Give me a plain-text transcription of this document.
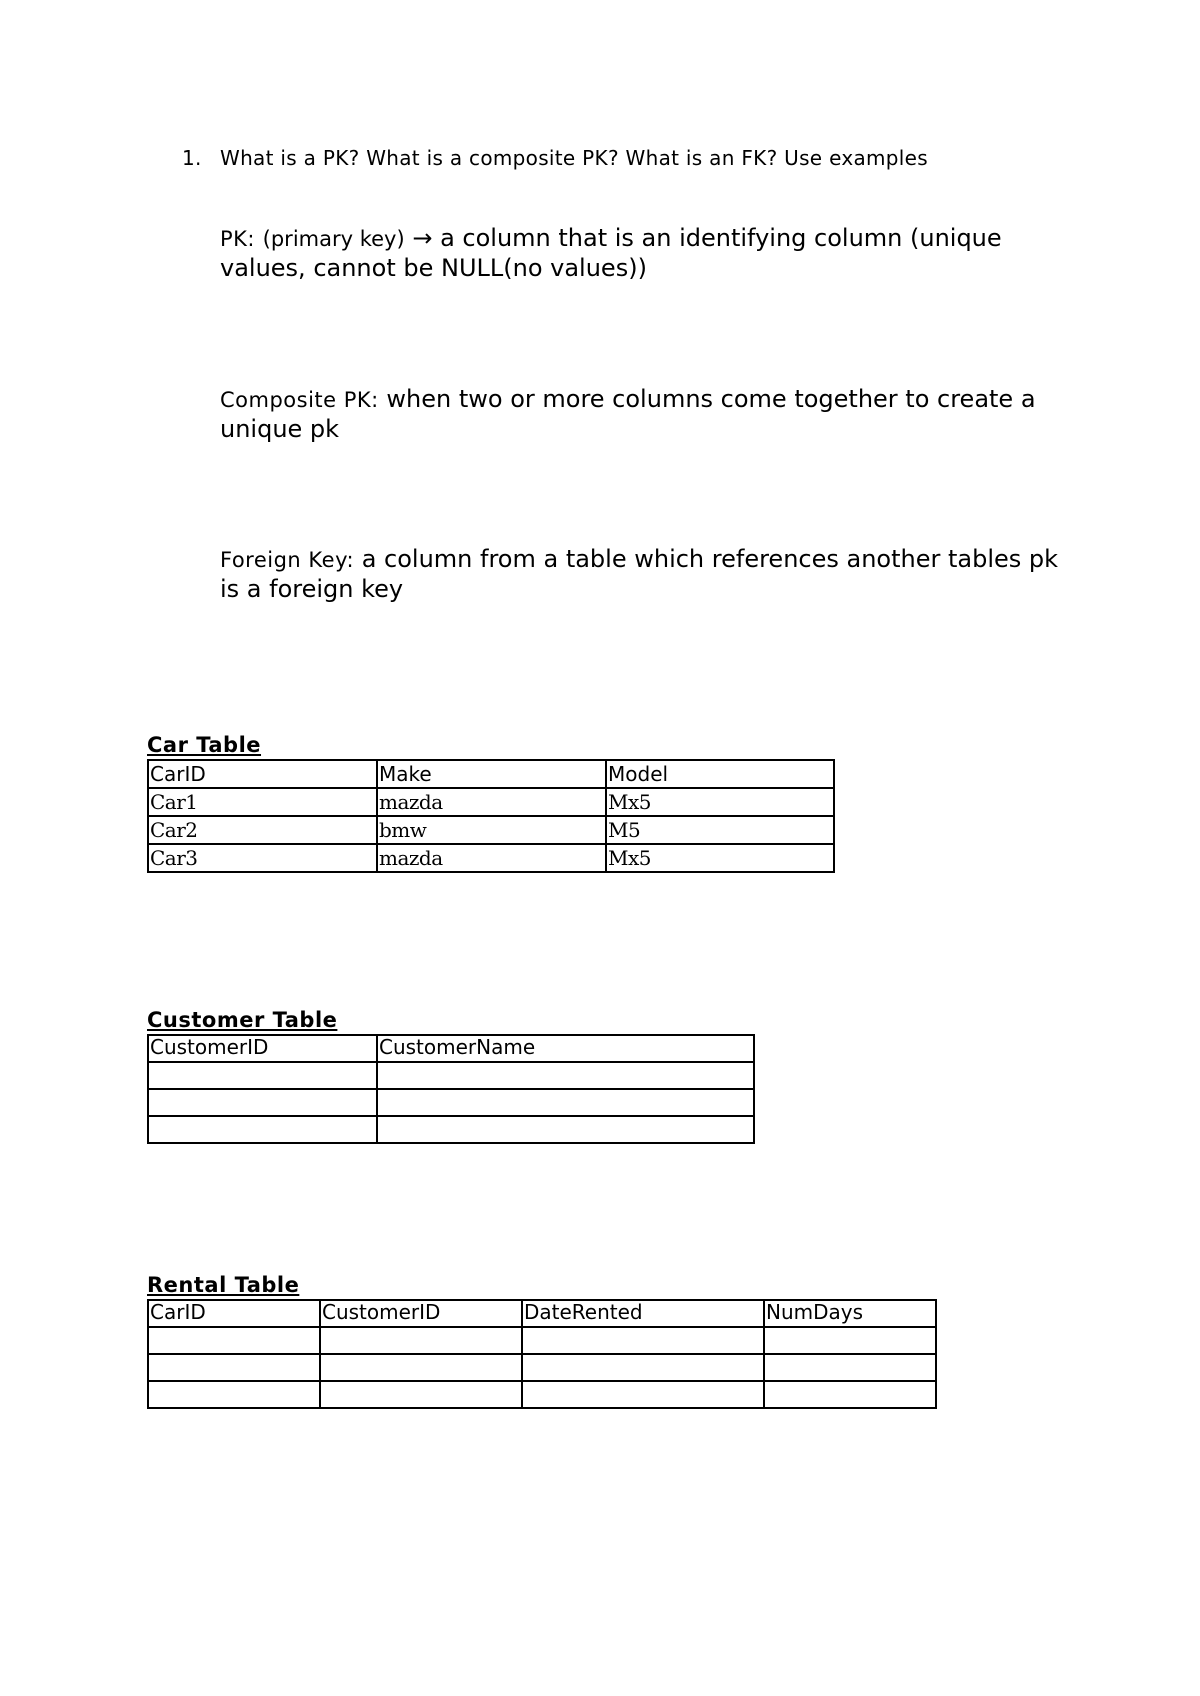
1. What is a PK? What is a composite PK? What is an FK? Use examples
PK: (primary key) → a column that is an identifying column (unique values, cannot be NULL(no values))
Composite PK: when two or more columns come together to create a unique pk
Foreign Key: a column from a table which references another tables pk is a foreign key
Car Table
CarID	Make	Model
Car1	mazda	Mx5
Car2	bmw	M5
Car3	mazda	Mx5
Customer Table
CustomerID	CustomerName

Rental Table
CarID	CustomerID	DateRented	NumDays
